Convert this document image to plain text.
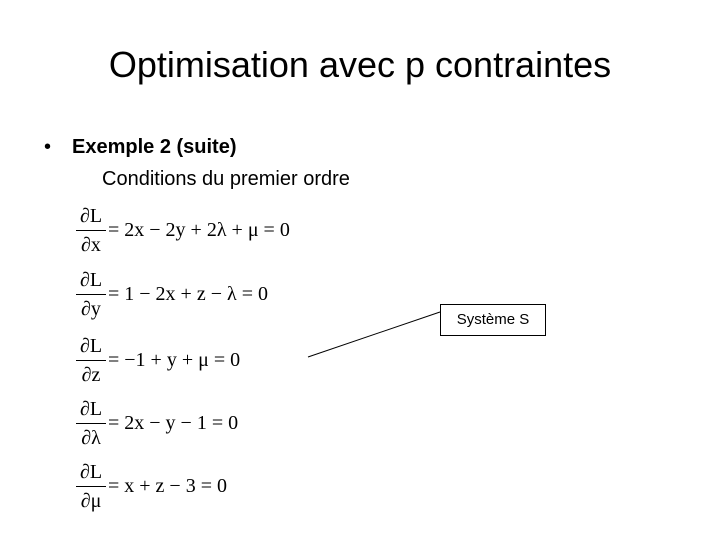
Optimisation avec p contraintes
• Exemple 2 (suite)
Conditions du premier ordre
∂L
∂x
= 2x − 2y + 2λ + μ = 0
∂L
∂y
= 1 − 2x + z − λ = 0
∂L
∂z
= −1 + y + μ = 0
∂L
∂λ
= 2x − y − 1 = 0
∂L
∂μ
= x + z − 3 = 0
Système S
